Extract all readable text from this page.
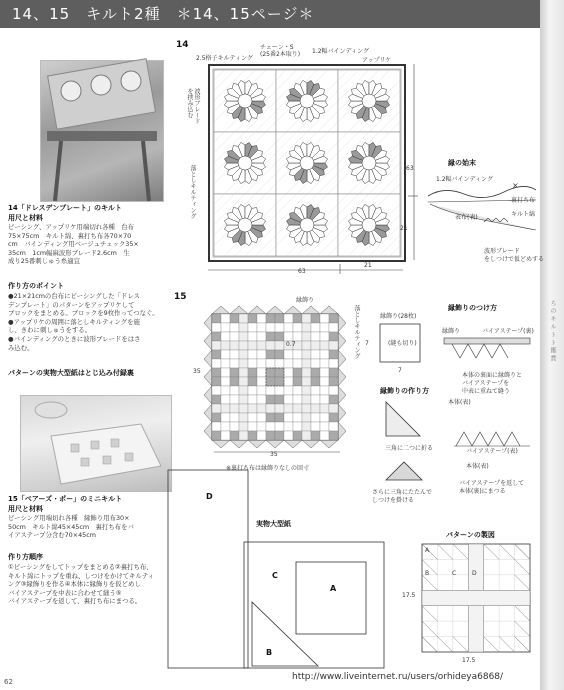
14、15　キルト2種　＊14、15ページ＊
ろ の キ ル ト ト 鑑 賞
14「ドレスデンプレート」のキルト
用尺と材料
ピーシング、アップリケ用端切れ各種　台布
75×75cm　キルト綿、裏打ち布各70×70
cm　バインディング用ベージュチェック35×
35cm　1cm幅麻波形ブレード2.6cm　生
成り25番刺しゅう糸適宜
作り方のポイント
●21×21cmの台布にピーシングした「ドレス
デンプレート」のパターンをアップリケして
ブロックをまとめる。ブロックを9枚作ってつなぐ。
●アップリケの周囲に落としキルティングを施
し、きわに刺しゅうをする。
●バインディングのときに波形ブレードをはさ
み込む。
パターンの実物大型紙はとじ込み付録裏
15「ベアーズ・ポー」のミニキルト
用尺と材料
ピーシング用端切れ各種　縁飾り用布30×
50cm　キルト綿45×45cm　裏打ち布をバ
イアステープ分含む70×45cm
作り方順序
①ピーシングをしてトップをまとめる②裏打ち布、
キルト綿にトップを重ね、しつけをかけてキルティ
ング③縁飾りを作る④本体に縁飾りを仮どめし
バイアステープを中表に合わせて縫う⑤
バイアステープを返して、裏打ち布にまつる。
14
2.5格子キルティング
チェーン・S
(25番2本取り) 1.2幅バインディング
アップリケ
波形ブレード
を挟み込む
落としキルティング
63
21
63
21
縁の始末
1.2幅バインディング
×
裏打ち布
キルト綿
表布(表)
波形ブレード
をしつけで仮どめする
15	縁飾り
落としキルティング
0.7
35
35
※裏打ち布は縁飾りなしの回寸
縁飾り(28枚)
(縫も切り)
7
7
縁飾りの作り方
三角に二つに折る
さらに三角にたたんで
しつけを掛ける
縁飾りのつけ方
縁飾り	バイアステープ(裏)
本体の裏面に縁飾りと
バイアステープを
中表に重ねて縫う
本体(表)
バイアステープ(表)
本体(表)
バイアステープを返して
本体(裏)にまつる
D
実物大型紙
C
A
B
パターンの製図
A
B	C	D
17.5
17.5
http://www.liveinternet.ru/users/orhideya6868/
62
